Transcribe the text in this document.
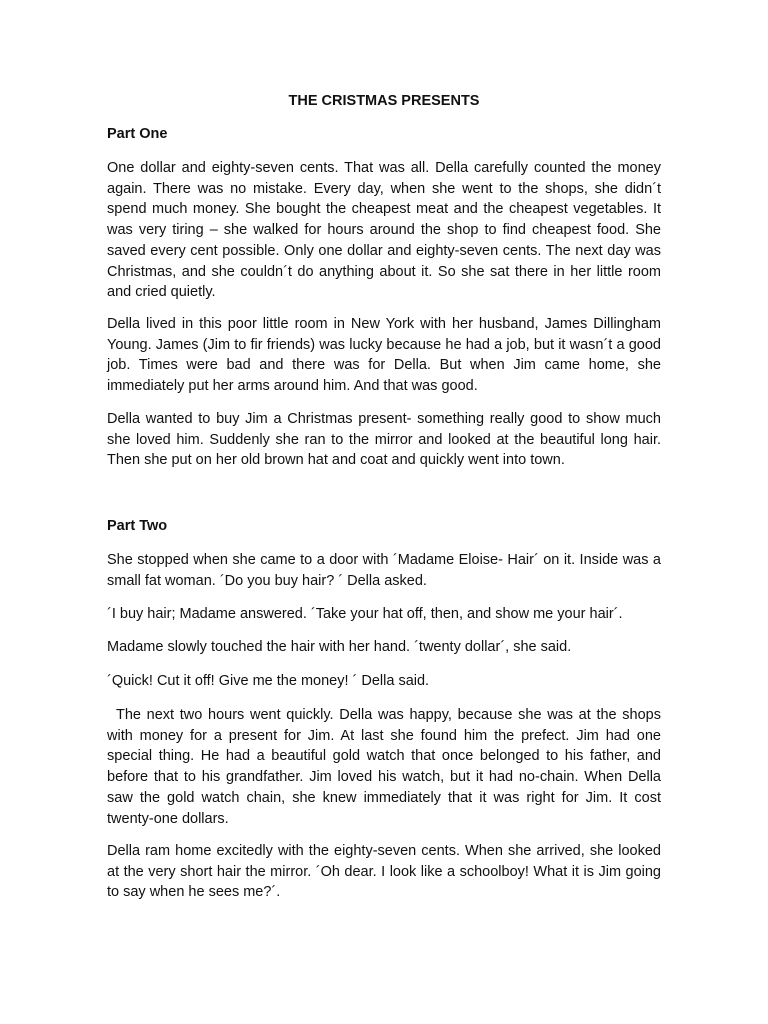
THE CRISTMAS PRESENTS
Part One

One dollar and eighty-seven cents. That was all. Della carefully counted the money again. There was no mistake. Every day, when she went to the shops, she didn´t spend much money. She bought the cheapest meat and the cheapest vegetables. It was very tiring – she walked for hours around the shop to find cheapest food. She saved every cent possible. Only one dollar and eighty-seven cents. The next day was Christmas, and she couldn´t do anything about it. So she sat there in her little room and cried quietly.

Della lived in this poor little room in New York with her husband, James Dillingham Young. James (Jim to fir friends) was lucky because he had a job, but it wasn´t a good job. Times were bad and there was for Della. But when Jim came home, she immediately put her arms around him. And that was good.

Della wanted to buy Jim a Christmas present- something really good to show much she loved him. Suddenly she ran to the mirror and looked at the beautiful long hair. Then she put on her old brown hat and coat and quickly went into town.

Part Two

She stopped when she came to a door with ´Madame Eloise- Hair´ on it. Inside was a small fat woman. ´Do you buy hair? ´ Della asked.

´I buy hair; Madame answered. ´Take your hat off, then, and show me your hair´.

Madame slowly touched the hair with her hand. ´twenty dollar´, she said.

´Quick! Cut it off! Give me the money! ´ Della said.

The next two hours went quickly. Della was happy, because she was at the shops with money for a present for Jim. At last she found him the prefect. Jim had one special thing. He had a beautiful gold watch that once belonged to his father, and before that to his grandfather. Jim loved his watch, but it had no-chain. When Della saw the gold watch chain, she knew immediately that it was right for Jim. It cost twenty-one dollars.

Della ram home excitedly with the eighty-seven cents. When she arrived, she looked at the very short hair the mirror. ´Oh dear. I look like a schoolboy! What it is Jim going to say when he sees me?´.
